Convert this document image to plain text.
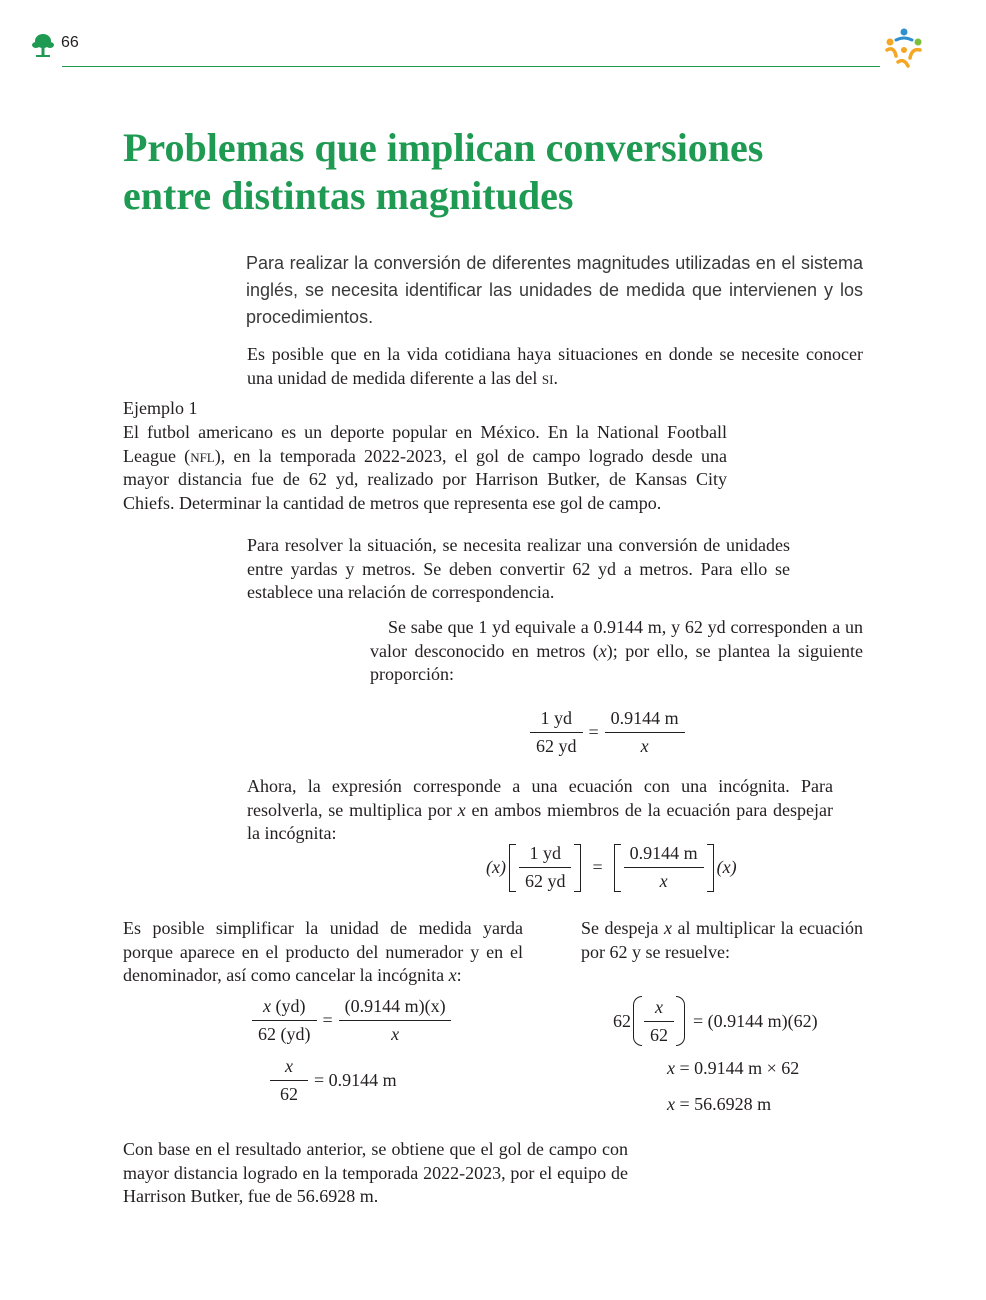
66
Problemas que implican conversiones
entre distintas magnitudes
Para realizar la conversión de diferentes magnitudes utilizadas en el sistema inglés, se necesita identificar las unidades de medida que intervienen y los procedimientos.
Es posible que en la vida cotidiana haya situaciones en donde se necesite conocer una unidad de medida diferente a las del si.
Ejemplo 1
El futbol americano es un deporte popular en México. En la National Football League (nfl), en la temporada 2022-2023, el gol de campo logrado desde una mayor distancia fue de 62 yd, realizado por Harrison Butker, de Kansas City Chiefs. Determinar la cantidad de metros que representa ese gol de campo.
Para resolver la situación, se necesita realizar una conversión de unidades entre yardas y metros. Se deben convertir 62 yd a metros. Para ello se establece una relación de correspondencia.
Se sabe que 1 yd equivale a 0.9144 m, y 62 yd corresponden a un valor desconocido en metros (x); por ello, se plantea la siguiente proporción:
$\frac{1 yd}{62 yd} = \frac{0.9144 m}{x}$
Ahora, la expresión corresponde a una ecuación con una incógnita. Para resolverla, se multiplica por x en ambos miembros de la ecuación para despejar la incógnita:
$(x) \frac{1 yd}{62 yd} = \frac{0.9144 m}{x} (x)$
Es posible simplificar la unidad de medida yarda porque aparece en el producto del numerador y en el denominador, así como cancelar la incógnita x:
$\frac{x (yd)}{62 (yd)} = \frac{(0.9144 m)(x)}{x}$
$\frac{x}{62} = 0.9144$ m
Se despeja x al multiplicar la ecuación por 62 y se resuelve:
$62 \frac{x}{62} = (0.9144$ m)(62)
x = 0.9144 m × 62
x = 56.6928 m
Con base en el resultado anterior, se obtiene que el gol de campo con mayor distancia logrado en la temporada 2022-2023, por el equipo de Harrison Butker, fue de 56.6928 m.
